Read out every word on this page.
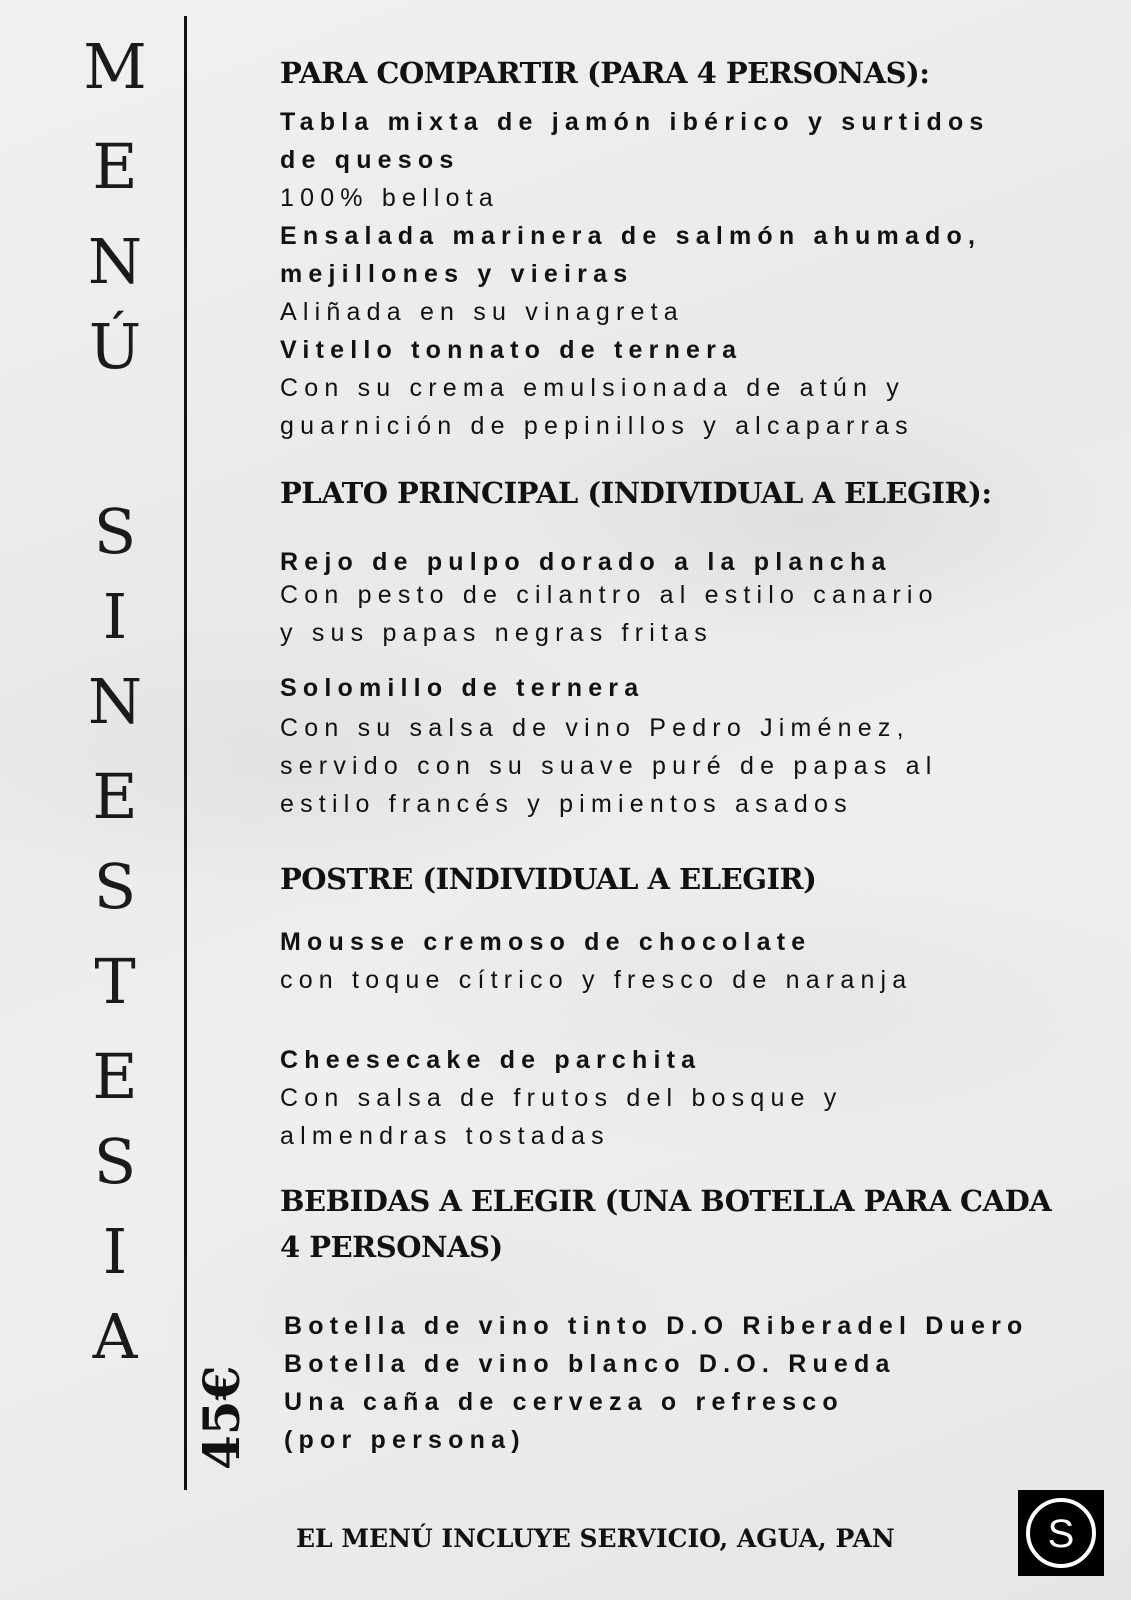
M
E
N
Ú
S
I
N
E
S
T
E
S
I
A
45€
PARA COMPARTIR (PARA 4 PERSONAS):
Tabla mixta de jamón ibérico y surtidos
de quesos
100% bellota
Ensalada marinera de salmón ahumado,
mejillones y vieiras
Aliñada en su vinagreta
Vitello tonnato de ternera
Con su crema emulsionada de atún y
guarnición de pepinillos y alcaparras
PLATO PRINCIPAL (INDIVIDUAL A ELEGIR):
Rejo de pulpo dorado a la plancha
Con pesto de cilantro al estilo canario
y sus papas negras fritas
Solomillo de ternera
Con su salsa de vino Pedro Jiménez,
servido con su suave puré de papas al
estilo francés y pimientos asados
POSTRE (INDIVIDUAL A ELEGIR)
Mousse cremoso de chocolate
con toque cítrico y fresco de naranja
Cheesecake de parchita
Con salsa de frutos del bosque y
almendras tostadas
BEBIDAS A ELEGIR (UNA BOTELLA PARA CADA
4 PERSONAS)
Botella de vino tinto D.O Riberadel Duero
Botella de vino blanco D.O. Rueda
Una caña de cerveza o refresco
(por persona)
EL MENÚ INCLUYE SERVICIO, AGUA, PAN	S
